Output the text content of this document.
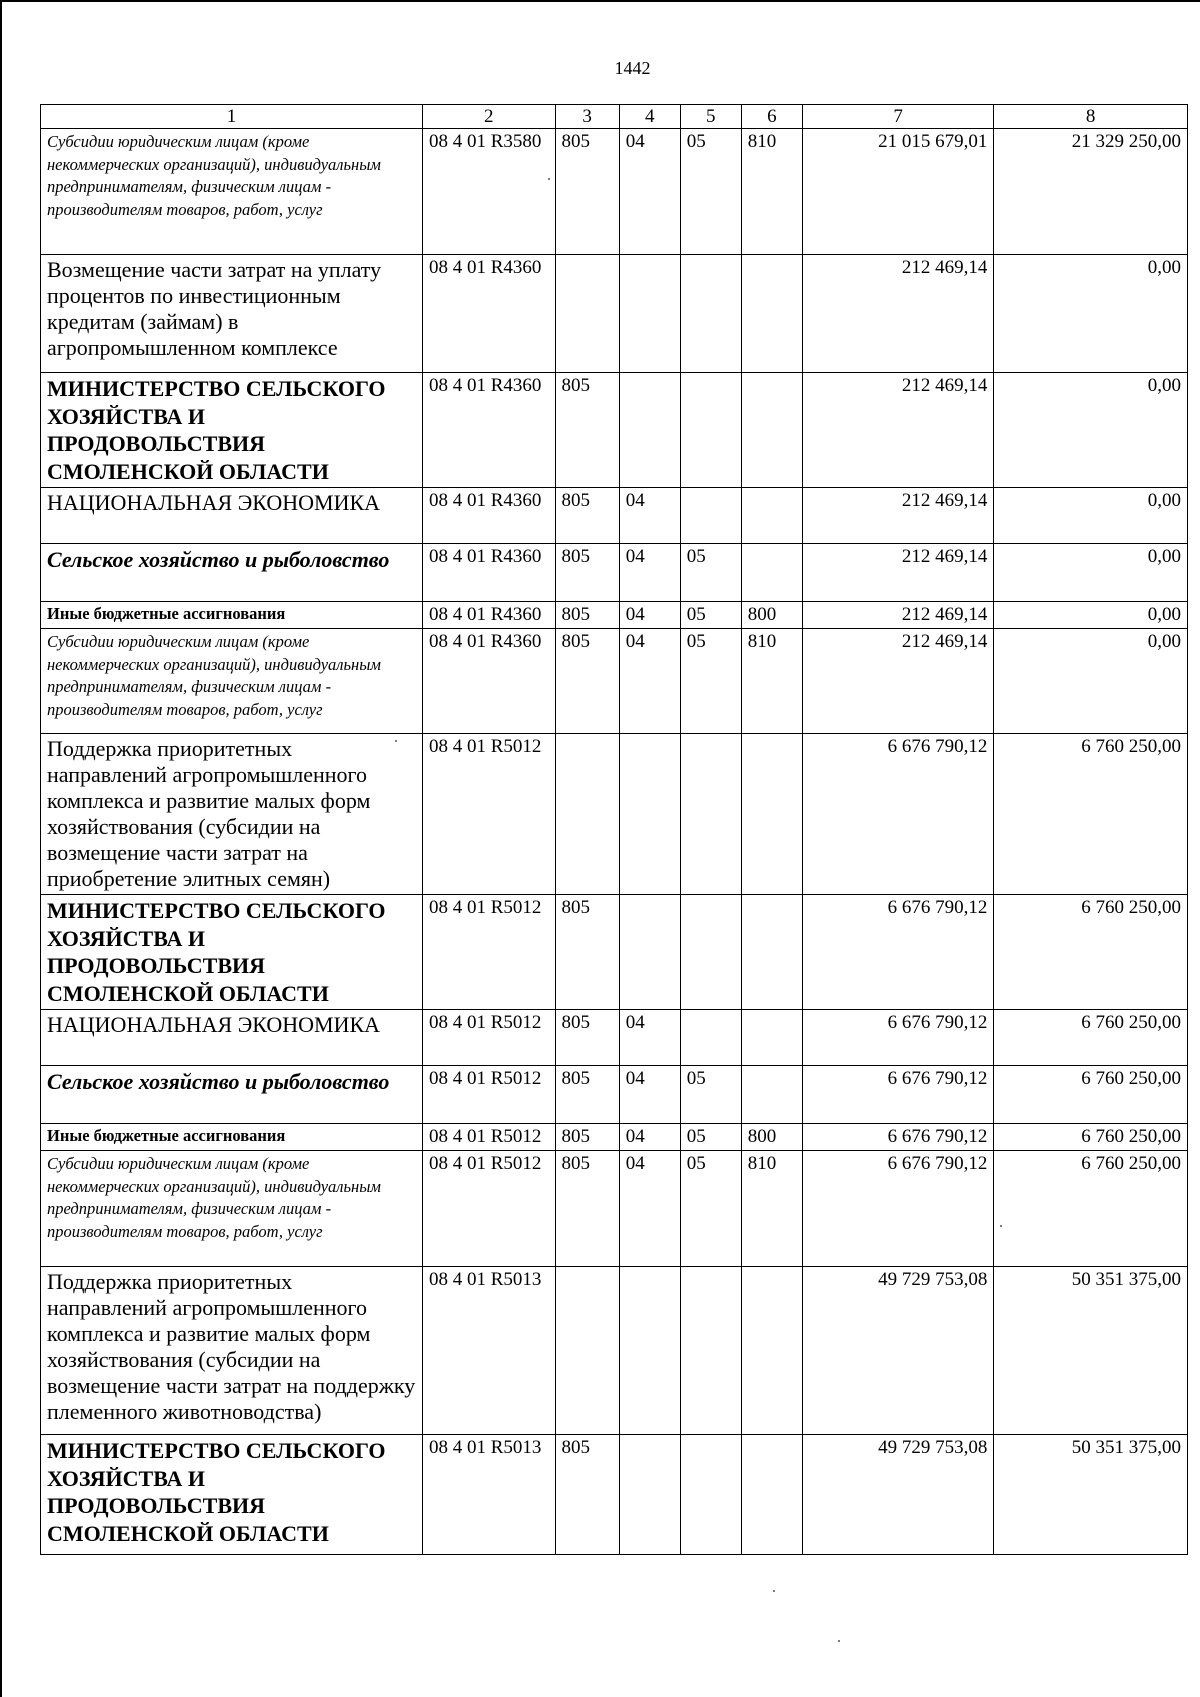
1442
1	2	3	4	5	6	7	8
Субсидии юридическим лицам (кроме некоммерческих организаций), индивидуальным предпринимателям, физическим лицам - производителям товаров, работ, услуг	08 4 01 R3580	805	04	05	810	21 015 679,01	21 329 250,00
Возмещение части затрат на уплату процентов по инвестиционным кредитам (займам) в агропромышленном комплексе	08 4 01 R4360					212 469,14	0,00
МИНИСТЕРСТВО СЕЛЬСКОГО ХОЗЯЙСТВА И ПРОДОВОЛЬСТВИЯ СМОЛЕНСКОЙ ОБЛАСТИ	08 4 01 R4360	805				212 469,14	0,00
НАЦИОНАЛЬНАЯ ЭКОНОМИКА	08 4 01 R4360	805	04			212 469,14	0,00
Сельское хозяйство и рыболовство	08 4 01 R4360	805	04	05		212 469,14	0,00
Иные бюджетные ассигнования	08 4 01 R4360	805	04	05	800	212 469,14	0,00
Субсидии юридическим лицам (кроме некоммерческих организаций), индивидуальным предпринимателям, физическим лицам - производителям товаров, работ, услуг	08 4 01 R4360	805	04	05	810	212 469,14	0,00
Поддержка приоритетных направлений агропромышленного комплекса и развитие малых форм хозяйствования (субсидии на возмещение части затрат на приобретение элитных семян)	08 4 01 R5012					6 676 790,12	6 760 250,00
МИНИСТЕРСТВО СЕЛЬСКОГО ХОЗЯЙСТВА И ПРОДОВОЛЬСТВИЯ СМОЛЕНСКОЙ ОБЛАСТИ	08 4 01 R5012	805				6 676 790,12	6 760 250,00
НАЦИОНАЛЬНАЯ ЭКОНОМИКА	08 4 01 R5012	805	04			6 676 790,12	6 760 250,00
Сельское хозяйство и рыболовство	08 4 01 R5012	805	04	05		6 676 790,12	6 760 250,00
Иные бюджетные ассигнования	08 4 01 R5012	805	04	05	800	6 676 790,12	6 760 250,00
Субсидии юридическим лицам (кроме некоммерческих организаций), индивидуальным предпринимателям, физическим лицам - производителям товаров, работ, услуг	08 4 01 R5012	805	04	05	810	6 676 790,12	6 760 250,00
Поддержка приоритетных направлений агропромышленного комплекса и развитие малых форм хозяйствования (субсидии на возмещение части затрат на поддержку племенного животноводства)	08 4 01 R5013					49 729 753,08	50 351 375,00
МИНИСТЕРСТВО СЕЛЬСКОГО ХОЗЯЙСТВА И ПРОДОВОЛЬСТВИЯ СМОЛЕНСКОЙ ОБЛАСТИ	08 4 01 R5013	805				49 729 753,08	50 351 375,00
